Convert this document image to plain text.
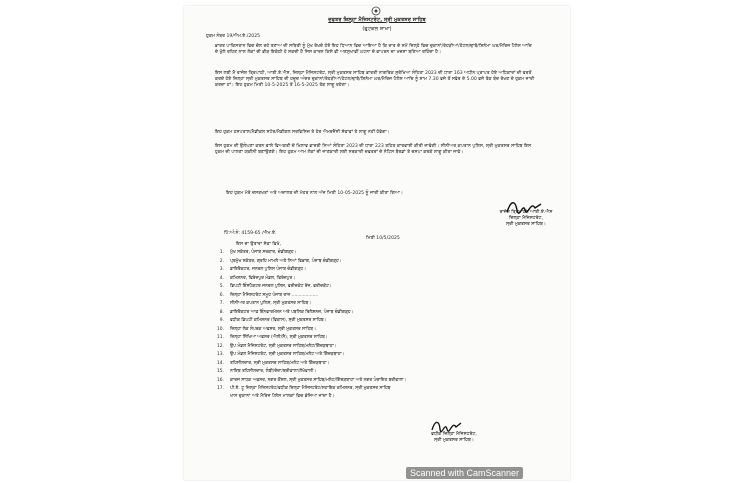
ਦਫਤਰ ਜ਼ਿਲ੍ਹਾ ਮੈਜਿਸਟਰੇਟ, ਸ੍ਰੀ ਮੁਕਤਸਰ ਸਾਹਿਬ
(ਫੁਟਕਲ ਸ਼ਾਖਾ)
ਹੁਕਮ ਨੰਬਰ 19/ਐਮ.ਏ./2025
ਭਾਰਤ ਪਾਕਿਸਤਾਨ ਵਿਚ ਚੱਲ ਰਹੇ ਤਣਾਅ ਦੀ ਸਥਿਤੀ ਨੂੰ ਮੁੱਖ ਰੱਖਦੇ ਹੋਏ ਇਹ ਧਿਆਨ ਵਿਚ ਆਇਆ ਹੈ ਕਿ ਰਾਤ ਦੇ ਸਮੇਂ ਜ਼ਿਲ੍ਹੇ ਵਿਚ ਦੁਕਾਨਾਂ/ਰੇਹੜੀਆਂ/ਹੋਟਲ/ਢਾਬੇ/ਸ਼ਿਨੇਮਾ ਘਰ/ਮੈਰਿਜ ਪੈਲੇਸ ਆਦਿ ਦੇ ਖੁੱਲੇ ਰਹਿਣ ਨਾਲ ਲੋਕਾਂ ਦੀ ਭੀੜ ਇਕੱਠੀ ਹੋ ਸਕਦੀ ਹੈ ਜਿਸ ਕਾਰਨ ਕਿਸੇ ਵੀ ਅਣਸੁਖਾਵੀਂ ਘਟਨਾ ਦੇ ਵਾਪਰਨ ਦਾ ਖਦਸ਼ਾ ਬਣਿਆ ਰਹਿੰਦਾ ਹੈ।
ਇਸ ਲਈ ਮੈਂ ਰਾਜੇਸ਼ ਤ੍ਰਿਪਾਠੀ, ਆਈ.ਏ.ਐਸ, ਜ਼ਿਲ੍ਹਾ ਮੈਜਿਸਟਰੇਟ, ਸ੍ਰੀ ਮੁਕਤਸਰ ਸਾਹਿਬ ਭਾਰਤੀ ਨਾਗਰਿਕ ਸੁਰੱਖਿਆ ਸੰਹਿਤਾ 2023 ਦੀ ਧਾਰਾ 163 ਅਧੀਨ ਪ੍ਰਾਪਤ ਹੋਏ ਅਧਿਕਾਰਾਂ ਦੀ ਵਰਤੋਂ ਕਰਦੇ ਹੋਏ ਜ਼ਿਲ੍ਹਾ ਸ੍ਰੀ ਮੁਕਤਸਰ ਸਾਹਿਬ ਦੀ ਹਦੂਦ ਅੰਦਰ ਦੁਕਾਨਾਂ/ਰੇਹੜੀਆਂ/ਹੋਟਲ/ਢਾਬੇ/ਸ਼ਿਨੇਮਾ ਘਰ/ਮੈਰਿਜ ਪੈਲੇਸ ਆਦਿ ਨੂੰ ਸ਼ਾਮ 7.30 ਵਜੇ ਤੋਂ ਸਵੇਰ ਦੇ 5.00 ਵਜੇ ਤੱਕ ਬੰਦ ਰੱਖਣ ਦੇ ਹੁਕਮ ਜਾਰੀ ਕਰਦਾ ਹਾਂ। ਇਹ ਹੁਕਮ ਮਿਤੀ 10-5-2025 ਤੋਂ 16-5-2025 ਤੱਕ ਲਾਗੂ ਰਹੇਗਾ।
ਇਹ ਹੁਕਮ ਹਸਪਤਾਲ/ਮੈਡੀਕਲ ਸਟੋਰ/ਮੈਡੀਕਲ ਸਰਵਿਸਿਜ਼ ਤੇ ਹੋਰ ਐਮਰਜੈਂਸੀ ਸੇਵਾਵਾਂ ਤੇ ਲਾਗੂ ਨਹੀਂ ਹੋਵੇਗਾ।
ਇਸ ਹੁਕਮ ਦੀ ਉਲੰਘਣਾ ਕਰਨ ਵਾਲੇ ਵਿਅਕਤੀ ਦੇ ਖਿਲਾਫ ਭਾਰਤੀ ਨਿਆਂ ਸੰਹਿਤਾ 2023 ਦੀ ਧਾਰਾ 223 ਤਹਿਤ ਕਾਰਵਾਈ ਕੀਤੀ ਜਾਵੇਗੀ। ਸੀਨੀਅਰ ਕਪਤਾਨ ਪੁਲਿਸ, ਸ੍ਰੀ ਮੁਕਤਸਰ ਸਾਹਿਬ ਇਸ ਹੁਕਮ ਦੀ ਪਾਲਣਾ ਯਕੀਨੀ ਬਣਾਉਣਗੇ। ਇਹ ਹੁਕਮ ਆਮ ਲੋਕਾਂ ਦੀ ਜਾਣਕਾਰੀ ਲਈ ਸਰਕਾਰੀ ਦਫਤਰਾਂ ਦੇ ਨੋਟਿਸ ਬੋਰਡਾਂ ਤੇ ਚਸਪਾ ਕਰਕੇ ਲਾਗੂ ਕੀਤਾ ਜਾਵੇ।
ਇਹ ਹੁਕਮ ਮੇਰੇ ਦਸਤਖਤਾਂ ਅਤੇ ਅਦਾਲਤ ਦੀ ਮੋਹਰ ਨਾਲ ਅੱਜ ਮਿਤੀ 10-05-2025 ਨੂੰ ਜਾਰੀ ਕੀਤਾ ਗਿਆ।
ਰਾਜੇਸ਼ ਤ੍ਰਿਪਾਠੀ, ਆਈ.ਏ.ਐਸ
ਜ਼ਿਲ੍ਹਾ ਮੈਜਿਸਟਰੇਟ,
ਸ੍ਰੀ ਮੁਕਤਸਰ ਸਾਹਿਬ।
ਪਿੱ:ਅੰ:ਨੰ: 4159-65 /ਐਮ.ਏ.
ਮਿਤੀ 10/5/2025
ਇਸ ਦਾ ਉਤਾਰਾ ਸੇਵਾ ਵਿਖੇ,
1. ਮੁੱਖ ਸਕੱਤਰ, ਪੰਜਾਬ ਸਰਕਾਰ, ਚੰਡੀਗੜ੍ਹ।
2. ਪ੍ਰਮੁੱਖ ਸਕੱਤਰ, ਗ੍ਰਹਿ ਮਾਮਲੇ ਅਤੇ ਨਿਆਂ ਵਿਭਾਗ, ਪੰਜਾਬ ਚੰਡੀਗੜ੍ਹ।
3. ਡਾਇਰੈਕਟਰ, ਜਨਰਲ ਪੁਲਿਸ ਪੰਜਾਬ ਚੰਡੀਗੜ੍ਹ।
4. ਕਮਿਸ਼ਨਰ, ਫਿਰੋਜ਼ਪੁਰ ਮੰਡਲ, ਫਿਰੋਜ਼ਪੁਰ।
5. ਡਿਪਟੀ ਇੰਸਪੈਕਟਰ ਜਨਰਲ ਪੁਲਿਸ, ਫਰੀਦਕੋਟ ਰੇਂਜ, ਫਰੀਦਕੋਟ।
6. ਜ਼ਿਲ੍ਹਾ ਮੈਜਿਸਟਰੇਟ ਸਮੂਹ ਪੰਜਾਬ ਰਾਜ ...................
7. ਸੀਨੀਅਰ ਕਪਤਾਨ ਪੁਲਿਸ, ਸ੍ਰੀ ਮੁਕਤਸਰ ਸਾਹਿਬ।
8. ਡਾਇਰੈਕਟਰ ਆਫ ਇੰਨਫਾਰਮੇਸ਼ਨ ਅਤੇ ਪਬਲਿਕ ਰਿਲੇਸ਼ਨਜ਼, ਪੰਜਾਬ ਚੰਡੀਗੜ੍ਹ।
9. ਵਧੀਕ ਡਿਪਟੀ ਕਮਿਸ਼ਨਰ (ਵਿਕਾਸ), ਸ੍ਰੀ ਮੁਕਤਸਰ ਸਾਹਿਬ।
10. ਜ਼ਿਲ੍ਹਾ ਲੋਕ ਸੰਪਰਕ ਅਫਸਰ, ਸ੍ਰੀ ਮੁਕਤਸਰ ਸਾਹਿਬ।
11. ਜ਼ਿਲ੍ਹਾ ਸਿੱਖਿਆ ਅਫਸਰ (ਐਲੀ/ਸੈ), ਸ੍ਰੀ ਮੁਕਤਸਰ ਸਾਹਿਬ।
12. ਉਪ ਮੰਡਲ ਮੈਜਿਸਟਰੇਟ, ਸ੍ਰੀ ਮੁਕਤਸਰ ਸਾਹਿਬ/ਮਲੋਟ/ਗਿੱਦੜਬਾਹਾ।
13. ਉਪ ਮੰਡਲ ਮੈਜਿਸਟਰੇਟ, ਸ੍ਰੀ ਮੁਕਤਸਰ ਸਾਹਿਬ/ਮਲੋਟ ਅਤੇ ਗਿੱਦੜਬਾਹਾ।
14. ਤਹਿਸੀਲਦਾਰ, ਸ੍ਰੀ ਮੁਕਤਸਰ ਸਾਹਿਬ/ਮਲੋਟ ਅਤੇ ਗਿੱਦੜਬਾਹਾ।
15. ਨਾਇਬ ਤਹਿਸੀਲਦਾਰ, ਲੰਬੀ/ਦੋਦਾ/ਬਰੀਵਾਲਾ/ਲੱਖੇਵਾਲੀ।
16. ਕਾਰਜ ਸਾਧਕ ਅਫਸਰ, ਨਗਰ ਕੌਂਸਲ, ਸ੍ਰੀ ਮੁਕਤਸਰ ਸਾਹਿਬ/ਮਲੋਟ/ਗਿੱਦੜਬਾਹਾ ਅਤੇ ਨਗਰ ਪੰਚਾਇਤ ਬਰੀਵਾਲਾ।
17. ਪੀ.ਏ. ਟੂ ਜ਼ਿਲ੍ਹਾ ਮੈਜਿਸਟਰੇਟ/ਵਧੀਕ ਜ਼ਿਲ੍ਹਾ ਮੈਜਿਸਟਰੇਟ/ਸਹਾਇਕ ਕਮਿਸ਼ਨਰ, ਸ੍ਰੀ ਮੁਕਤਸਰ ਸਾਹਿਬ
ਖਾਸ ਦੁਕਾਨਾਂ ਅਤੇ ਮੈਰਿਜ ਪੈਲੇਸ ਮਾਲਕਾਂ ਵਿਚ ਭੇਜਿਆ ਜਾਂਦਾ ਹੈ।
ਵਧੀਕ ਜ਼ਿਲ੍ਹਾ ਮੈਜਿਸਟਰੇਟ,
ਸ੍ਰੀ ਮੁਕਤਸਰ ਸਾਹਿਬ।
Scanned with CamScanner
